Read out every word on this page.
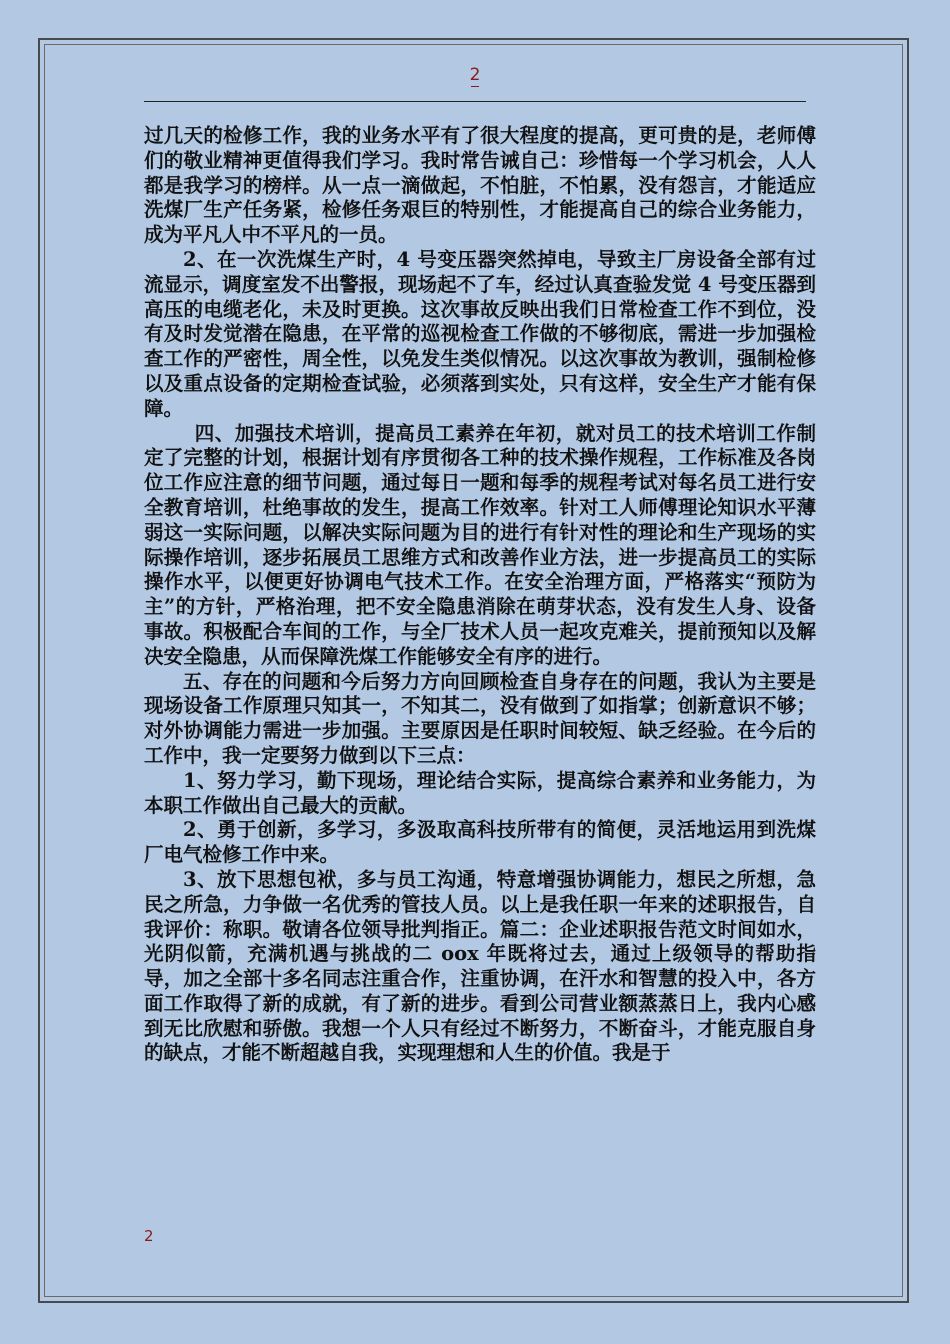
2

过几天的检修工作，我的业务水平有了很大程度的提高，更可贵的是，老师傅们的敬业精神更值得我们学习。我时常告诫自己：珍惜每一个学习机会，人人都是我学习的榜样。从一点一滴做起，不怕脏，不怕累，没有怨言，才能适应洗煤厂生产任务紧，检修任务艰巨的特别性，才能提高自己的综合业务能力，成为平凡人中不平凡的一员。

2、在一次洗煤生产时，4 号变压器突然掉电，导致主厂房设备全部有过流显示，调度室发不出警报，现场起不了车，经过认真查验发觉 4 号变压器到高压的电缆老化，未及时更换。这次事故反映出我们日常检查工作不到位，没有及时发觉潜在隐患，在平常的巡视检查工作做的不够彻底，需进一步加强检查工作的严密性，周全性，以免发生类似情况。以这次事故为教训，强制检修以及重点设备的定期检查试验，必须落到实处，只有这样，安全生产才能有保障。

四、加强技术培训，提高员工素养在年初，就对员工的技术培训工作制定了完整的计划，根据计划有序贯彻各工种的技术操作规程，工作标准及各岗位工作应注意的细节问题，通过每日一题和每季的规程考试对每名员工进行安全教育培训，杜绝事故的发生，提高工作效率。针对工人师傅理论知识水平薄弱这一实际问题，以解决实际问题为目的进行有针对性的理论和生产现场的实际操作培训，逐步拓展员工思维方式和改善作业方法，进一步提高员工的实际操作水平，以便更好协调电气技术工作。在安全治理方面，严格落实“预防为主”的方针，严格治理，把不安全隐患消除在萌芽状态，没有发生人身、设备事故。积极配合车间的工作，与全厂技术人员一起攻克难关，提前预知以及解决安全隐患，从而保障洗煤工作能够安全有序的进行。

五、存在的问题和今后努力方向回顾检查自身存在的问题，我认为主要是现场设备工作原理只知其一，不知其二，没有做到了如指掌；创新意识不够；对外协调能力需进一步加强。主要原因是任职时间较短、缺乏经验。在今后的工作中，我一定要努力做到以下三点：

1、努力学习，勤下现场，理论结合实际，提高综合素养和业务能力，为本职工作做出自己最大的贡献。

2、勇于创新，多学习，多汲取高科技所带有的简便，灵活地运用到洗煤厂电气检修工作中来。

3、放下思想包袱，多与员工沟通，特意增强协调能力，想民之所想，急民之所急，力争做一名优秀的管技人员。以上是我任职一年来的述职报告，自我评价：称职。敬请各位领导批判指正。篇二：企业述职报告范文时间如水，光阴似箭，充满机遇与挑战的二 oox 年既将过去，通过上级领导的帮助指导，加之全部十多名同志注重合作，注重协调，在汗水和智慧的投入中，各方面工作取得了新的成就，有了新的进步。看到公司营业额蒸蒸日上，我内心感到无比欣慰和骄傲。我想一个人只有经过不断努力，不断奋斗，才能克服自身的缺点，才能不断超越自我，实现理想和人生的价值。我是于

2
